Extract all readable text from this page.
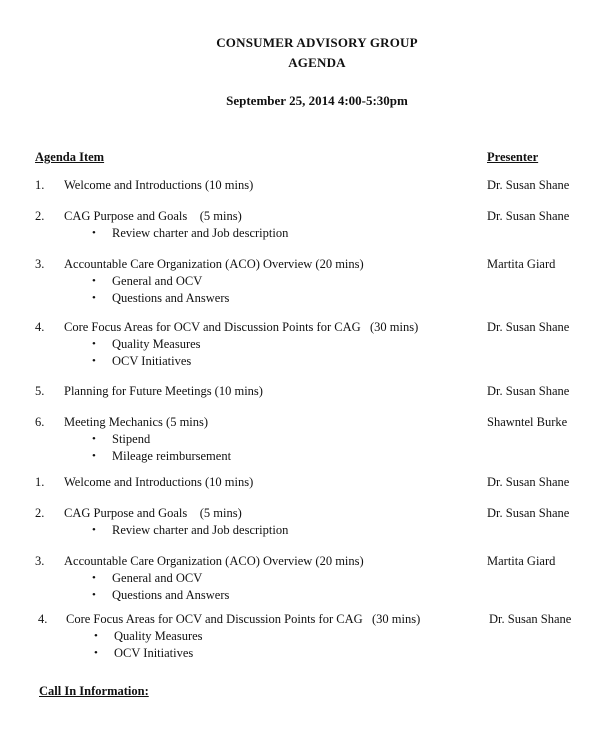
CONSUMER ADVISORY GROUP
AGENDA
September 25, 2014 4:00-5:30pm
Agenda Item	Presenter
1. Welcome and Introductions (10 mins)	Dr. Susan Shane
2. CAG Purpose and Goals    (5 mins)	Dr. Susan Shane
• Review charter and Job description
3. Accountable Care Organization (ACO) Overview (20 mins)	Martita Giard
• General and OCV
• Questions and Answers
4. Core Focus Areas for OCV and Discussion Points for CAG   (30 mins)	Dr. Susan Shane
• Quality Measures
• OCV Initiatives
5. Planning for Future Meetings (10 mins)	Dr. Susan Shane
6. Meeting Mechanics (5 mins)	Shawntel Burke
• Stipend
• Mileage reimbursement
1. Welcome and Introductions (10 mins)	Dr. Susan Shane
2. CAG Purpose and Goals    (5 mins)	Dr. Susan Shane
• Review charter and Job description
3. Accountable Care Organization (ACO) Overview (20 mins)	Martita Giard
• General and OCV
• Questions and Answers
4. Core Focus Areas for OCV and Discussion Points for CAG   (30 mins)	Dr. Susan Shane
• Quality Measures
• OCV Initiatives
Call In Information:
